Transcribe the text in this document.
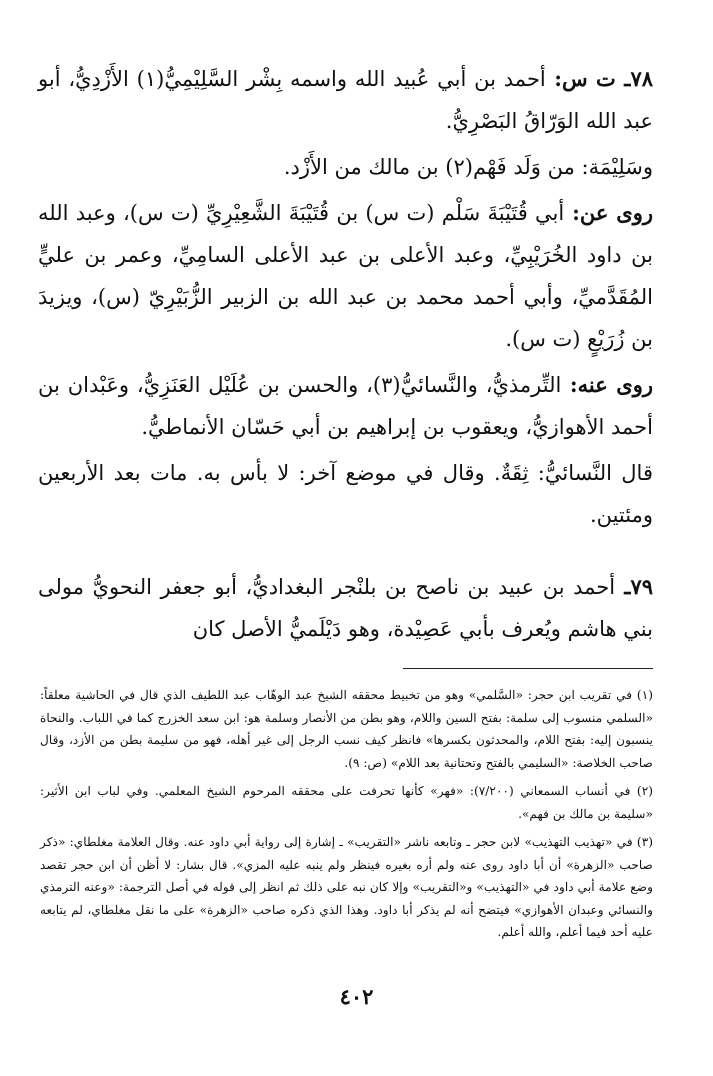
٧٨ـ ت س: أحمد بن أبي عُبيد الله واسمه بِشْر السَّلِيْمِيُّ(١) الأَزْدِيُّ، أبو عبد الله الوَرّاقُ البَصْرِيُّ.

وسَلِيْمَة: من وَلَد فَهْم(٢) بن مالك من الأَزْد.

روى عن: أبي قُتَيْبَةَ سَلْم (ت س) بن قُتَيْبَةَ الشَّعِيْرِيِّ (ت س)، وعبد الله بن داود الخُرَيْبِيِّ، وعبد الأعلى بن عبد الأعلى السامِيِّ، وعمر بن عليٍّ المُقَدَّميِّ، وأبي أحمد محمد بن عبد الله بن الزبير الزُّبَيْرِيّ (س)، ويزيدَ بن زُرَيْعٍ (ت س).

روى عنه: التِّرمذيُّ، والنَّسائيُّ(٣)، والحسن بن عُلَيْل العَنَزِيُّ، وعَبْدان بن أحمد الأهوازيُّ، ويعقوب بن إبراهيم بن أبي حَسّان الأنماطيُّ.

قال النَّسائيُّ: ثِقَةٌ. وقال في موضع آخر: لا بأس به. مات بعد الأربعين ومئتين.

٧٩ـ أحمد بن عبيد بن ناصح بن بلنْجر البغداديُّ، أبو جعفر النحويُّ مولى بني هاشم ويُعرف بأبي عَصِيْدة، وهو دَيْلَميُّ الأصل كان

(١) في تقريب ابن حجر: «السَّلمي» وهو من تخبيط محققه الشيخ عبد الوهّاب عبد اللطيف الذي قال في الحاشية معلقاً: «السلمي منسوب إلى سلمة: بفتح السين واللام، وهو بطن من الأنصار وسلمة هو: ابن سعد الخزرج كما في اللباب. والنحاة ينسبون إليه: بفتح اللام، والمحدثون بكسرها» فانظر كيف نسب الرجل إلى غير أهله، فهو من سليمة بطن من الأزد، وقال صاحب الخلاصة: «السليمي بالفتح وتحتانية بعد اللام» (ص: ٩).

(٢) في أنساب السمعاني (٧/٢٠٠): «فهر» كأنها تحرفت على محققه المرحوم الشيخ المعلمي. وفي لباب ابن الأثير: «سليمة بن مالك بن فهم».

(٣) في «تهذيب التهذيب» لابن حجر ـ وتابعه ناشر «التقريب» ـ إشارة إلى رواية أبي داود عنه. وقال العلامة مغلطاي: «ذكر صاحب «الزهرة» أن أبا داود روى عنه ولم أره بغيره فينظر ولم ينبه عليه المزي». قال بشار: لا أظن أن ابن حجر تقصد وضع علامة أبي داود في «التهذيب» و«التقريب» وإلا كان نبه على ذلك ثم انظر إلى قوله في أصل الترجمة: «وعنه الترمذي والنسائي وعبدان الأهوازي» فيتضح أنه لم يذكر أبا داود. وهذا الذي ذكره صاحب «الزهرة» على ما نقل مغلطاي، لم يتابعه عليه أحد فيما أعلم، والله أعلم.

٤٠٢
